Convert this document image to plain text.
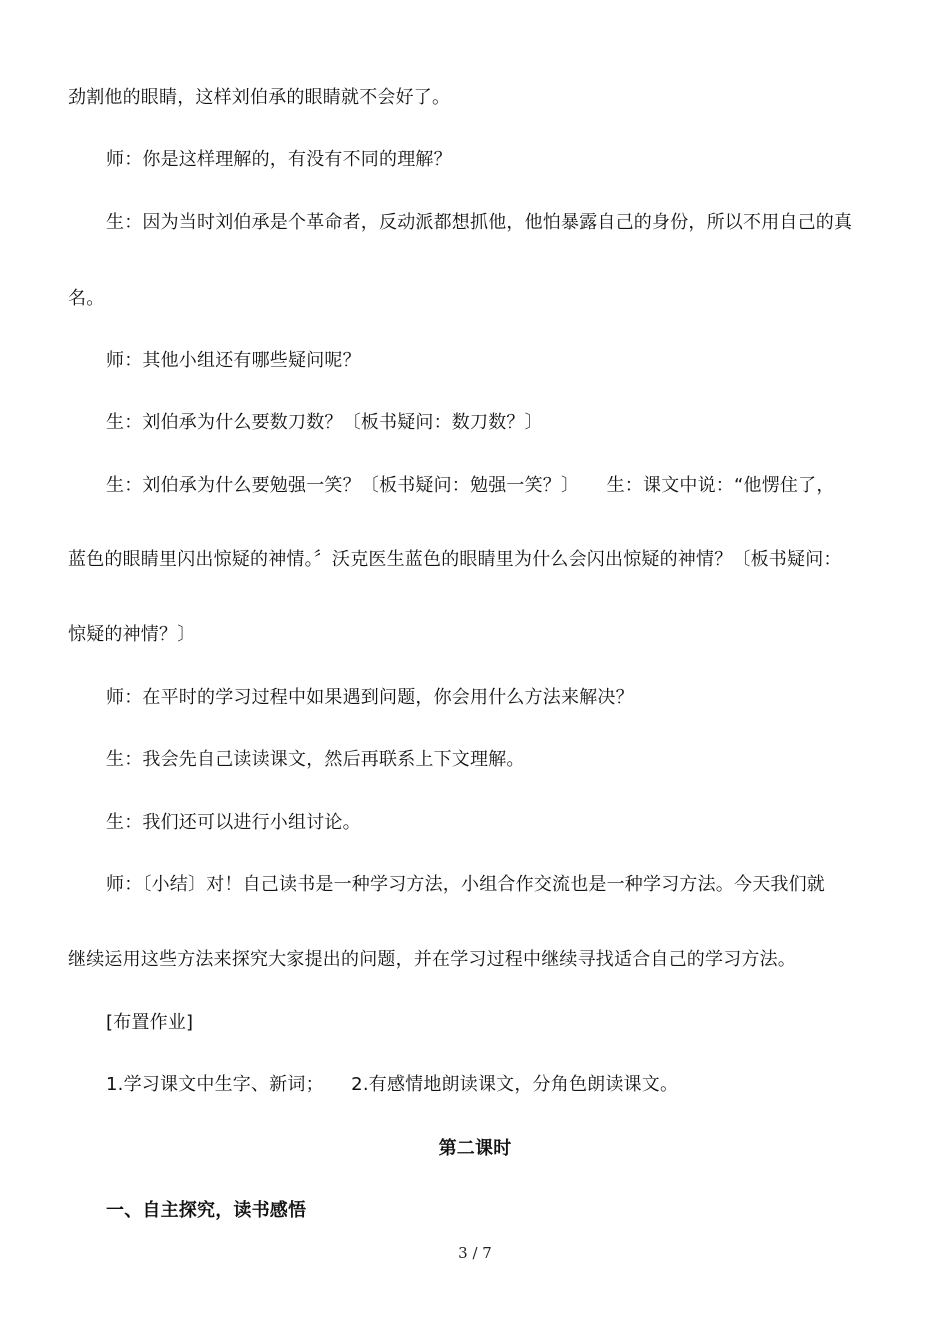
劲割他的眼睛，这样刘伯承的眼睛就不会好了。
师：你是这样理解的，有没有不同的理解？
生：因为当时刘伯承是个革命者，反动派都想抓他，他怕暴露自己的身份，所以不用自己的真
名。
师：其他小组还有哪些疑问呢？
生：刘伯承为什么要数刀数？〔板书疑问：数刀数？〕
生：刘伯承为什么要勉强一笑？〔板书疑问：勉强一笑？〕　　生：课文中说：“他愣住了，
蓝色的眼睛里闪出惊疑的神情。〞沃克医生蓝色的眼睛里为什么会闪出惊疑的神情？〔板书疑问：
惊疑的神情？〕
师：在平时的学习过程中如果遇到问题，你会用什么方法来解决？
生：我会先自己读读课文，然后再联系上下文理解。
生：我们还可以进行小组讨论。
师：〔小结〕对！自己读书是一种学习方法，小组合作交流也是一种学习方法。今天我们就
继续运用这些方法来探究大家提出的问题，并在学习过程中继续寻找适合自己的学习方法。
[布置作业]
1.学习课文中生字、新词；　　2.有感情地朗读课文，分角色朗读课文。
第二课时
一、自主探究，读书感悟
3 / 7
